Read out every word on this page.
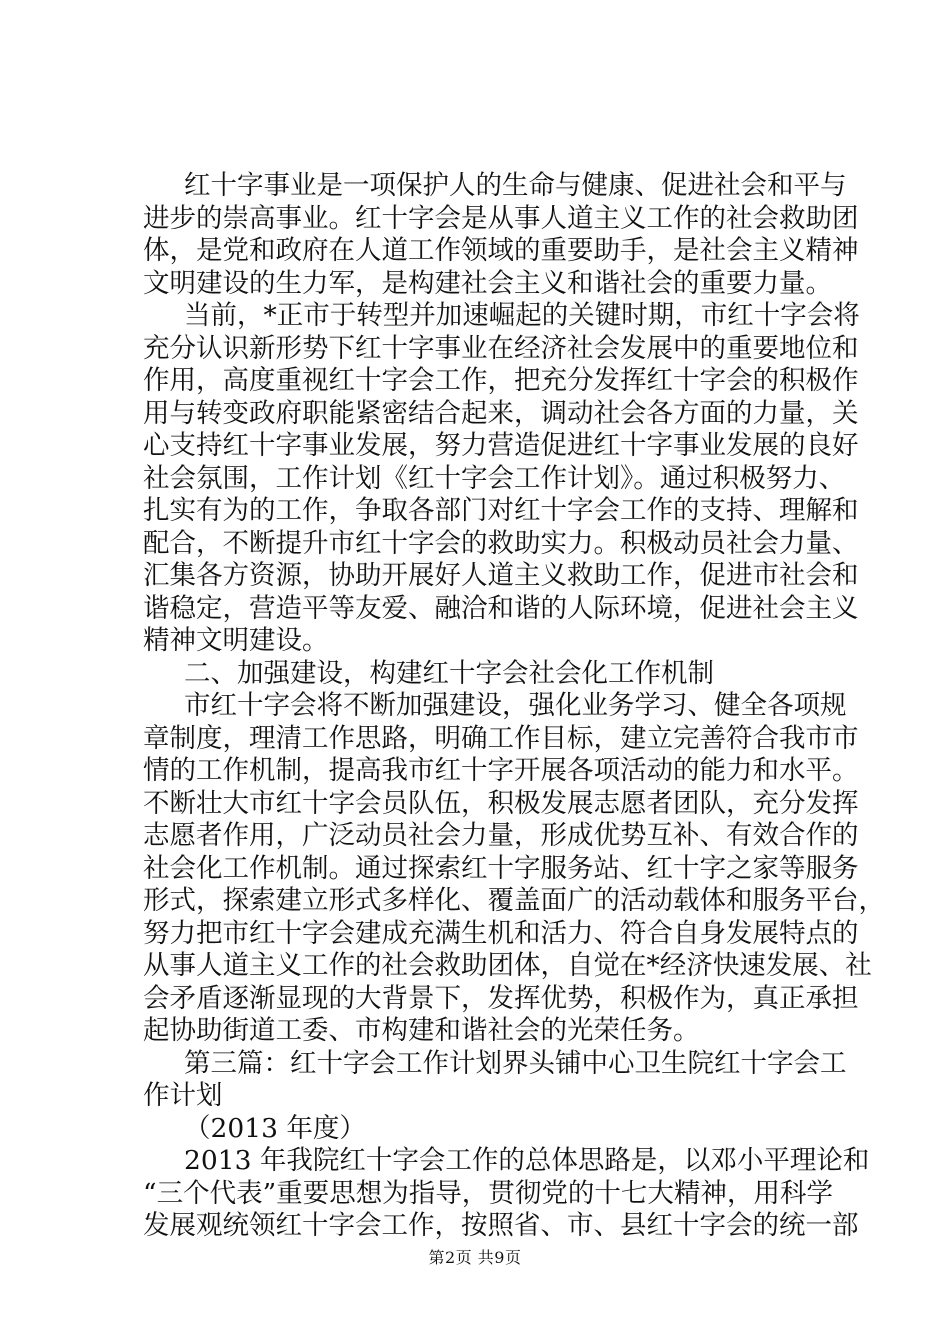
红十字事业是一项保护人的生命与健康、促进社会和平与
进步的崇高事业。红十字会是从事人道主义工作的社会救助团
体，是党和政府在人道工作领域的重要助手，是社会主义精神
文明建设的生力军，是构建社会主义和谐社会的重要力量。
当前，*正市于转型并加速崛起的关键时期，市红十字会将
充分认识新形势下红十字事业在经济社会发展中的重要地位和
作用，高度重视红十字会工作，把充分发挥红十字会的积极作
用与转变政府职能紧密结合起来，调动社会各方面的力量，关
心支持红十字事业发展，努力营造促进红十字事业发展的良好
社会氛围，工作计划《红十字会工作计划》。通过积极努力、
扎实有为的工作，争取各部门对红十字会工作的支持、理解和
配合，不断提升市红十字会的救助实力。积极动员社会力量、
汇集各方资源，协助开展好人道主义救助工作，促进市社会和
谐稳定，营造平等友爱、融洽和谐的人际环境，促进社会主义
精神文明建设。
二、加强建设，构建红十字会社会化工作机制
市红十字会将不断加强建设，强化业务学习、健全各项规
章制度，理清工作思路，明确工作目标，建立完善符合我市市
情的工作机制，提高我市红十字开展各项活动的能力和水平。
不断壮大市红十字会员队伍，积极发展志愿者团队，充分发挥
志愿者作用，广泛动员社会力量，形成优势互补、有效合作的
社会化工作机制。通过探索红十字服务站、红十字之家等服务
形式，探索建立形式多样化、覆盖面广的活动载体和服务平台，
努力把市红十字会建成充满生机和活力、符合自身发展特点的
从事人道主义工作的社会救助团体，自觉在*经济快速发展、社
会矛盾逐渐显现的大背景下，发挥优势，积极作为，真正承担
起协助街道工委、市构建和谐社会的光荣任务。
第三篇：红十字会工作计划界头铺中心卫生院红十字会工
作计划
（2013 年度）
2013 年我院红十字会工作的总体思路是，以邓小平理论和
“三个代表”重要思想为指导，贯彻党的十七大精神，用科学
发展观统领红十字会工作，按照省、市、县红十字会的统一部
第2页 共9页
